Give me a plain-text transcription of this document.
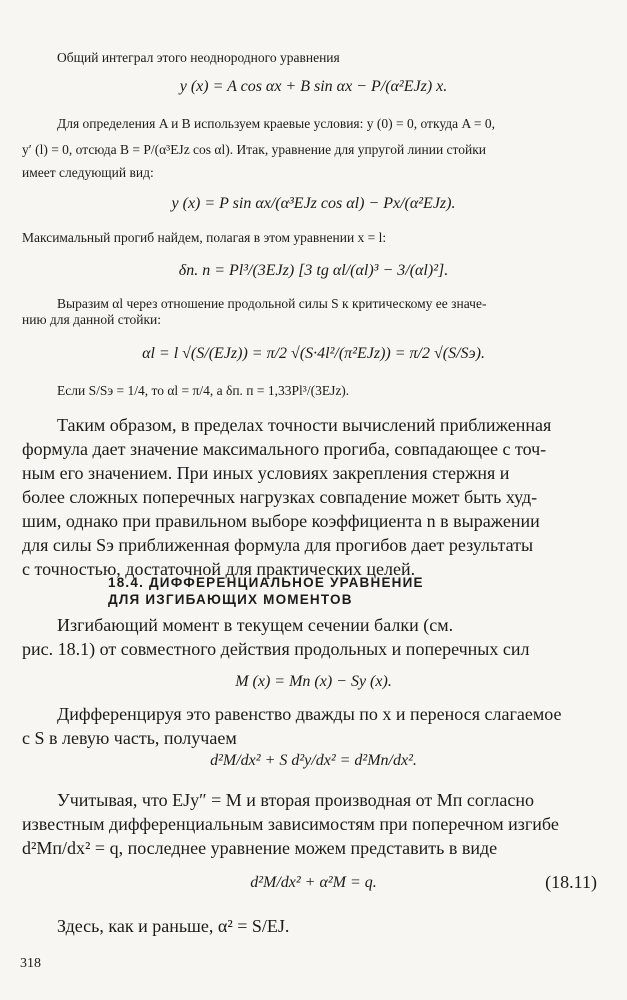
Общий интеграл этого неоднородного уравнения
y (x) = A cos αx + B sin αx − P/(α²EJz) x.
Для определения A и B используем краевые условия: y (0) = 0, откуда A = 0,
y′ (l) = 0, отсюда B = P/(α³EJz cos αl). Итак, уравнение для упругой линии стойки
имеет следующий вид:
y (x) = P sin αx/(α³EJz cos αl) − Px/(α²EJz).
Максимальный прогиб найдем, полагая в этом уравнении x = l:
δп. п = Pl³/(3EJz) [3 tg αl/(αl)³ − 3/(αl)²].
Выразим αl через отношение продольной силы S к критическому ее значе-
нию для данной стойки:
αl = l √(S/(EJz)) = π/2 √(S·4l²/(π²EJz)) = π/2 √(S/Sэ).
Если S/Sэ = 1/4, то αl = π/4, а δп. п = 1,33Pl³/(3EJz).
Таким образом, в пределах точности вычислений приближенная
формула дает значение максимального прогиба, совпадающее с точ-
ным его значением. При иных условиях закрепления стержня и
более сложных поперечных нагрузках совпадение может быть худ-
шим, однако при правильном выборе коэффициента n в выражении
для силы Sэ приближенная формула для прогибов дает результаты
с точностью, достаточной для практических целей.
18.4. ДИФФЕРЕНЦИАЛЬНОЕ УРАВНЕНИЕ
ДЛЯ ИЗГИБАЮЩИХ МОМЕНТОВ
Изгибающий момент в текущем сечении балки (см.
рис. 18.1) от совместного действия продольных и поперечных сил
M (x) = Mп (x) − Sy (x).
Дифференцируя это равенство дважды по x и перенося слагаемое
с S в левую часть, получаем
d²M/dx² + S d²y/dx² = d²Mп/dx².
Учитывая, что EJy″ = M и вторая производная от Mп согласно
известным дифференциальным зависимостям при поперечном изгибе
d²Mп/dx² = q, последнее уравнение можем представить в виде
d²M/dx² + α²M = q.	(18.11)
Здесь, как и раньше, α² = S/EJ.
318
